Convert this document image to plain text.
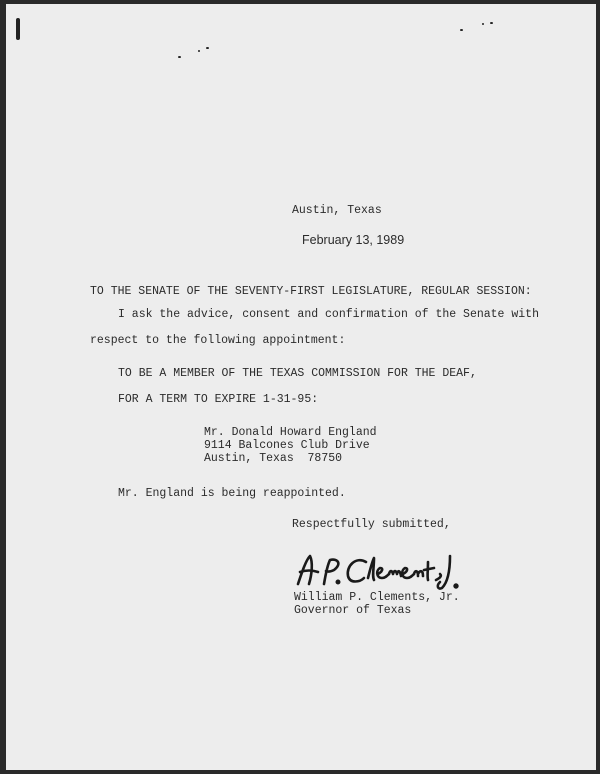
Austin, Texas
February 13, 1989
TO THE SENATE OF THE SEVENTY-FIRST LEGISLATURE, REGULAR SESSION:
I ask the advice, consent and confirmation of the Senate with
respect to the following appointment:
TO BE A MEMBER OF THE TEXAS COMMISSION FOR THE DEAF,
FOR A TERM TO EXPIRE 1-31-95:
Mr. Donald Howard England
9114 Balcones Club Drive
Austin, Texas  78750
Mr. England is being reappointed.
Respectfully submitted,
William P. Clements, Jr.
Governor of Texas
